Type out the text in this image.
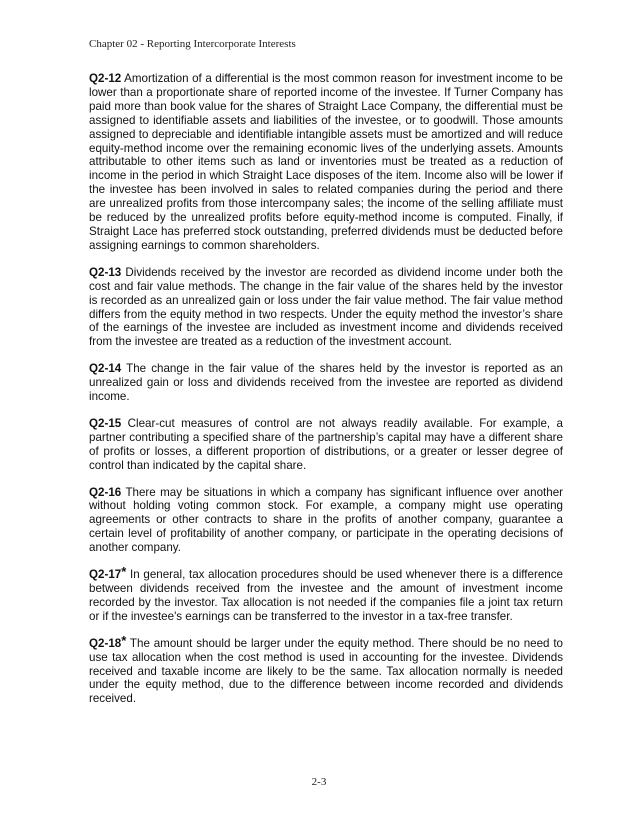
Chapter 02 - Reporting Intercorporate Interests

Q2-12 Amortization of a differential is the most common reason for investment income to be lower than a proportionate share of reported income of the investee. If Turner Company has paid more than book value for the shares of Straight Lace Company, the differential must be assigned to identifiable assets and liabilities of the investee, or to goodwill. Those amounts assigned to depreciable and identifiable intangible assets must be amortized and will reduce equity-method income over the remaining economic lives of the underlying assets. Amounts attributable to other items such as land or inventories must be treated as a reduction of income in the period in which Straight Lace disposes of the item. Income also will be lower if the investee has been involved in sales to related companies during the period and there are unrealized profits from those intercompany sales; the income of the selling affiliate must be reduced by the unrealized profits before equity-method income is computed. Finally, if Straight Lace has preferred stock outstanding, preferred dividends must be deducted before assigning earnings to common shareholders.

Q2-13 Dividends received by the investor are recorded as dividend income under both the cost and fair value methods. The change in the fair value of the shares held by the investor is recorded as an unrealized gain or loss under the fair value method. The fair value method differs from the equity method in two respects. Under the equity method the investor’s share of the earnings of the investee are included as investment income and dividends received from the investee are treated as a reduction of the investment account.

Q2-14 The change in the fair value of the shares held by the investor is reported as an unrealized gain or loss and dividends received from the investee are reported as dividend income.

Q2-15 Clear-cut measures of control are not always readily available. For example, a partner contributing a specified share of the partnership’s capital may have a different share of profits or losses, a different proportion of distributions, or a greater or lesser degree of control than indicated by the capital share.

Q2-16 There may be situations in which a company has significant influence over another without holding voting common stock. For example, a company might use operating agreements or other contracts to share in the profits of another company, guarantee a certain level of profitability of another company, or participate in the operating decisions of another company.

Q2-17* In general, tax allocation procedures should be used whenever there is a difference between dividends received from the investee and the amount of investment income recorded by the investor. Tax allocation is not needed if the companies file a joint tax return or if the investee's earnings can be transferred to the investor in a tax-free transfer.

Q2-18* The amount should be larger under the equity method. There should be no need to use tax allocation when the cost method is used in accounting for the investee. Dividends received and taxable income are likely to be the same. Tax allocation normally is needed under the equity method, due to the difference between income recorded and dividends received.

2-3
